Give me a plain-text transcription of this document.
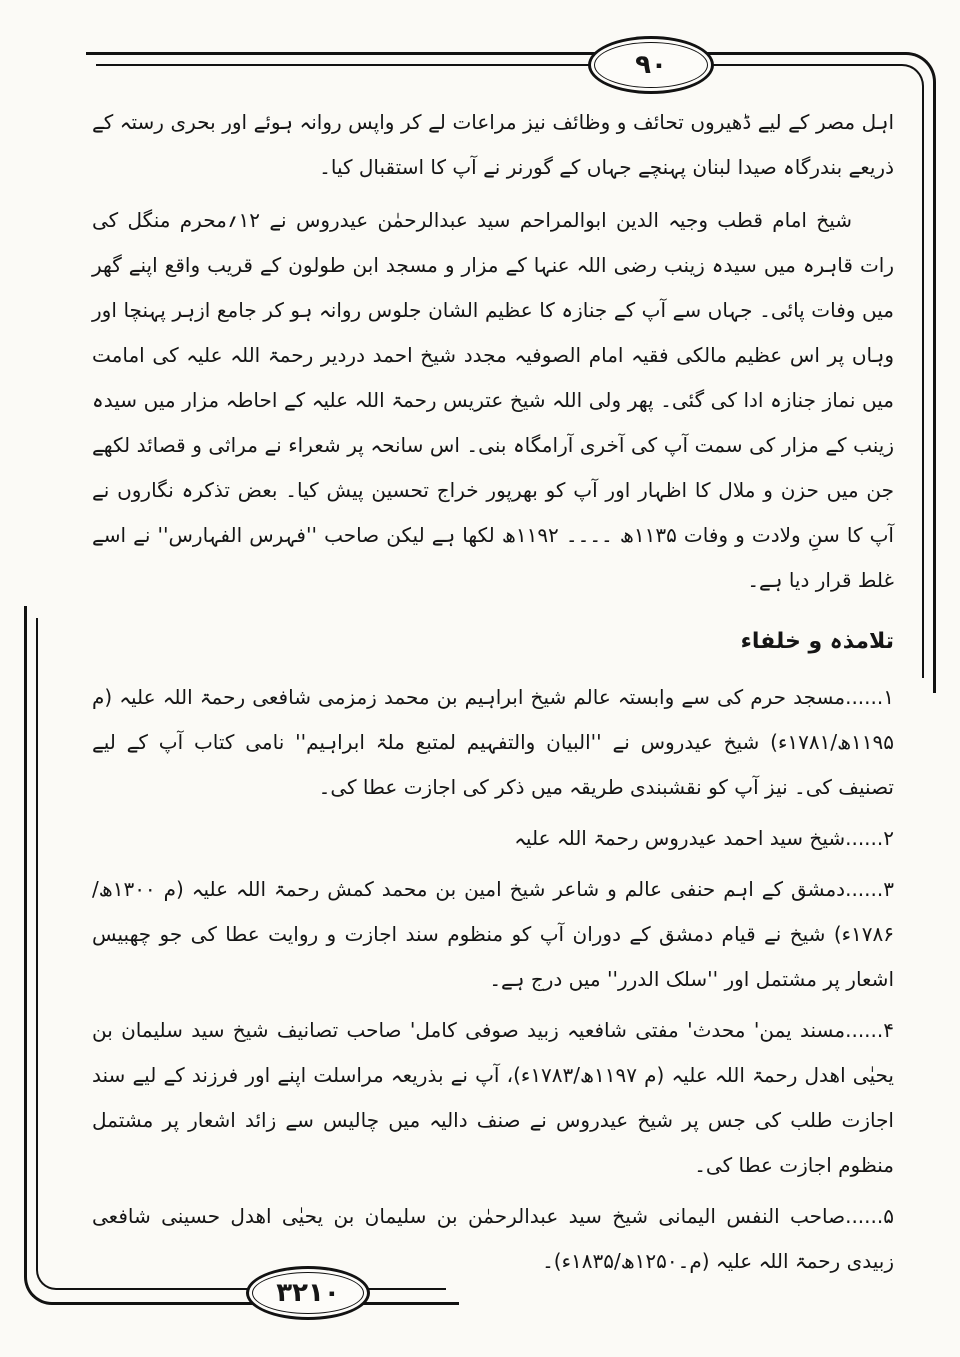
۹۰

اہل مصر کے لیے ڈھیروں تحائف و وظائف نیز مراعات لے کر واپس روانہ ہوئے اور بحری رستہ کے ذریعے بندرگاہ صیدا لبنان پہنچے جہاں کے گورنر نے آپ کا استقبال کیا۔

شیخ امام قطب وجیہ الدین ابوالمراحم سید عبدالرحمٰن عیدروس نے ۱۲؍محرم منگل کی رات قاہرہ میں سیدہ زینب رضی اللہ عنہا کے مزار و مسجد ابن طولون کے قریب واقع اپنے گھر میں وفات پائی۔ جہاں سے آپ کے جنازہ کا عظیم الشان جلوس روانہ ہو کر جامع ازہر پہنچا اور وہاں پر اس عظیم مالکی فقیہ امام الصوفیہ مجدد شیخ احمد دردیر رحمۃ اللہ علیہ کی امامت میں نماز جنازہ ادا کی گئی۔ پھر ولی اللہ شیخ عتریس رحمۃ اللہ علیہ کے احاطہ مزار میں سیدہ زینب کے مزار کی سمت آپ کی آخری آرامگاہ بنی۔ اس سانحہ پر شعراء نے مراثی و قصائد لکھے جن میں حزن و ملال کا اظہار اور آپ کو بھرپور خراج تحسین پیش کیا۔ بعض تذکرہ نگاروں نے آپ کا سنِ ولادت و وفات ۱۱۳۵ھ ۔۔۔۔ ۱۱۹۲ھ لکھا ہے لیکن صاحب ''فہرس الفہارس'' نے اسے غلط قرار دیا ہے۔

تلامذہ و خلفاء
۱......مسجد حرم کی سے وابستہ عالم شیخ ابراہیم بن محمد زمزمی شافعی رحمۃ اللہ علیہ (م ۱۱۹۵ھ/۱۷۸۱ء) شیخ عیدروس نے ''البیان والتفہیم لمتبع ملۃ ابراہیم'' نامی کتاب آپ کے لیے تصنیف کی۔ نیز آپ کو نقشبندی طریقہ میں ذکر کی اجازت عطا کی۔
۲......شیخ سید احمد عیدروس رحمۃ اللہ علیہ
۳......دمشق کے اہم حنفی عالم و شاعر شیخ امین بن محمد کمش رحمۃ اللہ علیہ (م ۱۳۰۰ھ/۱۷۸۶ء) شیخ نے قیام دمشق کے دوران آپ کو منظوم سند اجازت و روایت عطا کی جو چھبیس اشعار پر مشتمل اور ''سلک الدرر'' میں درج ہے۔
۴......مسند یمن' محدث' مفتی شافعیہ زبید صوفی کامل' صاحب تصانیف شیخ سید سلیمان بن یحیٰی اھدل رحمۃ اللہ علیہ (م ۱۱۹۷ھ/۱۷۸۳ء)، آپ نے بذریعہ مراسلت اپنے اور فرزند کے لیے سند اجازت طلب کی جس پر شیخ عیدروس نے صنف دالیہ میں چالیس سے زائد اشعار پر مشتمل منظوم اجازت عطا کی۔
۵......صاحب النفس الیمانی شیخ سید عبدالرحمٰن بن سلیمان بن یحیٰی اھدل حسینی شافعی زبیدی رحمۃ اللہ علیہ (م۔۱۲۵۰ھ/۱۸۳۵ء)۔
۳۲۱۰
